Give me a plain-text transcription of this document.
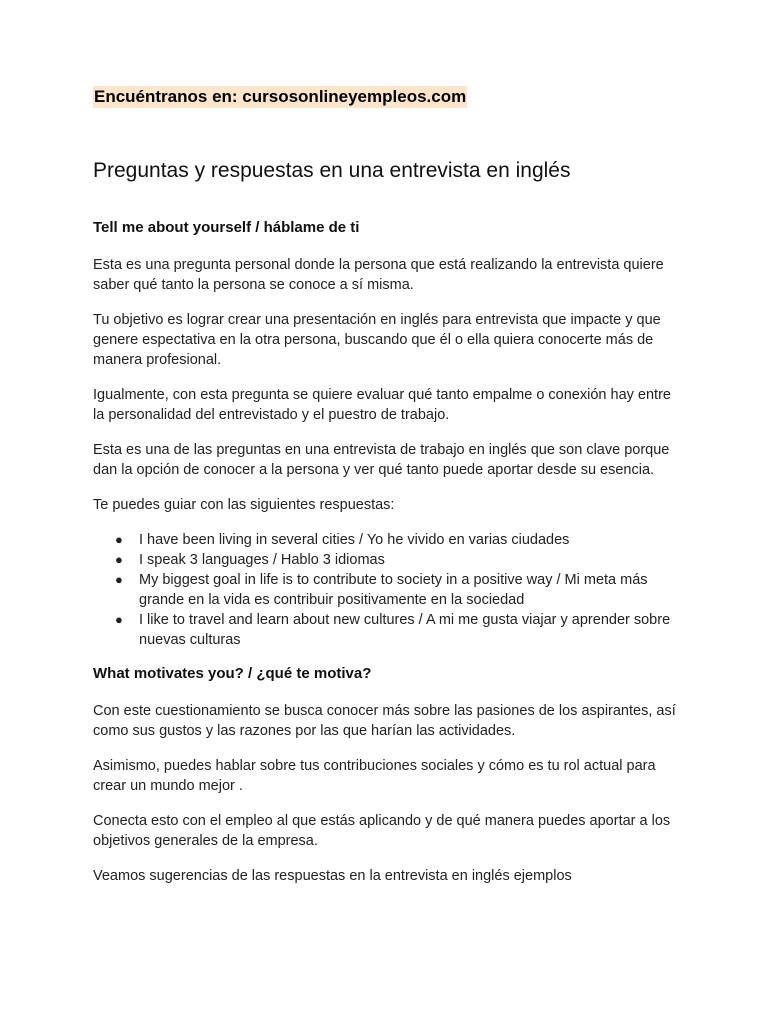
Encuéntranos en: cursosonlineyempleos.com
Preguntas y respuestas en una entrevista en inglés
Tell me about yourself / háblame de ti

Esta es una pregunta personal donde la persona que está realizando la entrevista quiere saber qué tanto la persona se conoce a sí misma.

Tu objetivo es lograr crear una presentación en inglés para entrevista que impacte y que genere espectativa en la otra persona, buscando que él o ella quiera conocerte más de manera profesional.

Igualmente, con esta pregunta se quiere evaluar qué tanto empalme o conexión hay entre la personalidad del entrevistado y el puestro de trabajo.

Esta es una de las preguntas en una entrevista de trabajo en inglés que son clave porque dan la opción de conocer a la persona y ver qué tanto puede aportar desde su esencia.

Te puedes guiar con las siguientes respuestas:

● I have been living in several cities / Yo he vivido en varias ciudades
● I speak 3 languages / Hablo 3 idiomas
● My biggest goal in life is to contribute to society in a positive way / Mi meta más grande en la vida es contribuir positivamente en la sociedad
● I like to travel and learn about new cultures / A mi me gusta viajar y aprender sobre nuevas culturas
What motivates you? / ¿qué te motiva?

Con este cuestionamiento se busca conocer más sobre las pasiones de los aspirantes, así como sus gustos y las razones por las que harían las actividades.

Asimismo, puedes hablar sobre tus contribuciones sociales y cómo es tu rol actual para crear un mundo mejor .

Conecta esto con el empleo al que estás aplicando y de qué manera puedes aportar a los objetivos generales de la empresa.

Veamos sugerencias de las respuestas en la entrevista en inglés ejemplos
